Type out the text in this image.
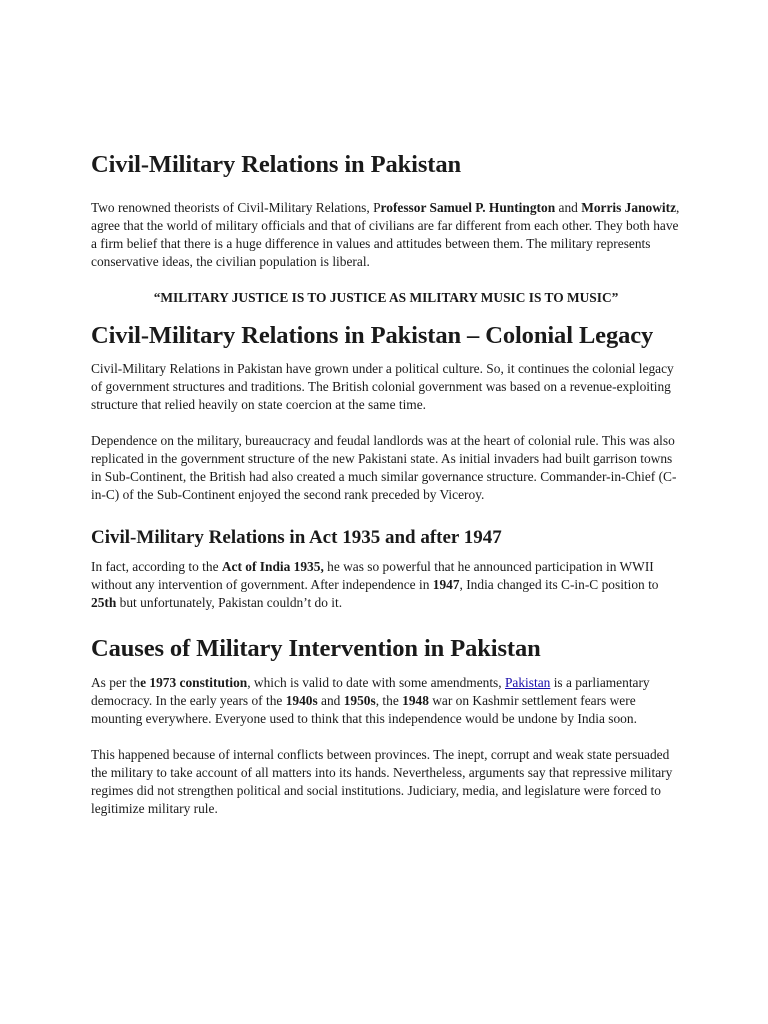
Civil-Military Relations in Pakistan

Two renowned theorists of Civil-Military Relations, Professor Samuel P. Huntington and Morris Janowitz, agree that the world of military officials and that of civilians are far different from each other. They both have a firm belief that there is a huge difference in values and attitudes between them. The military represents conservative ideas, the civilian population is liberal.

“MILITARY JUSTICE IS TO JUSTICE AS MILITARY MUSIC IS TO MUSIC”

Civil-Military Relations in Pakistan – Colonial Legacy

Civil-Military Relations in Pakistan have grown under a political culture. So, it continues the colonial legacy of government structures and traditions. The British colonial government was based on a revenue-exploiting structure that relied heavily on state coercion at the same time.

Dependence on the military, bureaucracy and feudal landlords was at the heart of colonial rule. This was also replicated in the government structure of the new Pakistani state. As initial invaders had built garrison towns in Sub-Continent, the British had also created a much similar governance structure. Commander-in-Chief (C-in-C) of the Sub-Continent enjoyed the second rank preceded by Viceroy.

Civil-Military Relations in Act 1935 and after 1947

In fact, according to the Act of India 1935, he was so powerful that he announced participation in WWII without any intervention of government. After independence in 1947, India changed its C-in-C position to 25th but unfortunately, Pakistan couldn’t do it.

Causes of Military Intervention in Pakistan

As per the 1973 constitution, which is valid to date with some amendments, Pakistan is a parliamentary democracy. In the early years of the 1940s and 1950s, the 1948 war on Kashmir settlement fears were mounting everywhere. Everyone used to think that this independence would be undone by India soon.

This happened because of internal conflicts between provinces. The inept, corrupt and weak state persuaded the military to take account of all matters into its hands. Nevertheless, arguments say that repressive military regimes did not strengthen political and social institutions. Judiciary, media, and legislature were forced to legitimize military rule.
